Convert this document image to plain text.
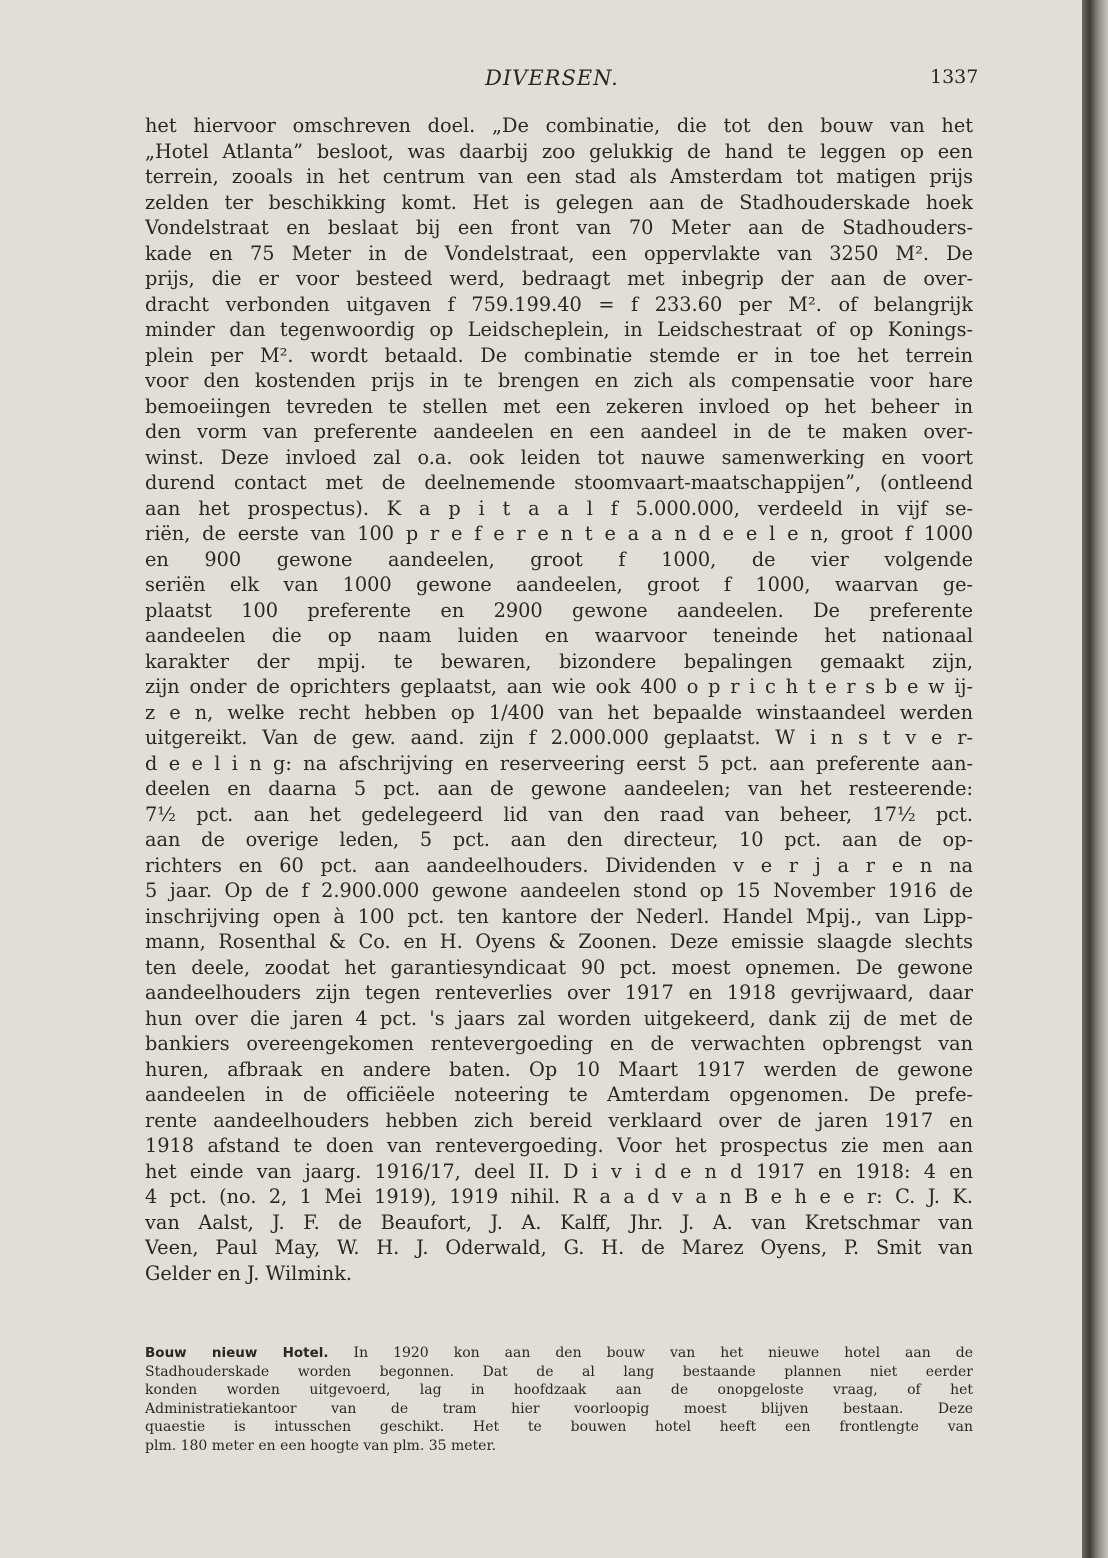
DIVERSEN.	1337
het hiervoor omschreven doel. „De combinatie, die tot den bouw van het
„Hotel Atlanta” besloot, was daarbij zoo gelukkig de hand te leggen op een
terrein, zooals in het centrum van een stad als Amsterdam tot matigen prijs
zelden ter beschikking komt. Het is gelegen aan de Stadhouderskade hoek
Vondelstraat en beslaat bij een front van 70 Meter aan de Stadhouders-
kade en 75 Meter in de Vondelstraat, een oppervlakte van 3250 M². De
prijs, die er voor besteed werd, bedraagt met inbegrip der aan de over-
dracht verbonden uitgaven f 759.199.40 = f 233.60 per M². of belangrijk
minder dan tegenwoordig op Leidscheplein, in Leidschestraat of op Konings-
plein per M². wordt betaald. De combinatie stemde er in toe het terrein
voor den kostenden prijs in te brengen en zich als compensatie voor hare
bemoeiingen tevreden te stellen met een zekeren invloed op het beheer in
den vorm van preferente aandeelen en een aandeel in de te maken over-
winst. Deze invloed zal o.a. ook leiden tot nauwe samenwerking en voort
durend contact met de deelnemende stoomvaart-maatschappijen”, (ontleend
aan het prospectus). K a p i t a a l f 5.000.000, verdeeld in vijf se-
riën, de eerste van 100 p r e f e r e n t e a a n d e e l e n, groot f 1000
en 900 gewone aandeelen, groot f 1000, de vier volgende
seriën elk van 1000 gewone aandeelen, groot f 1000, waarvan ge-
plaatst 100 preferente en 2900 gewone aandeelen. De preferente
aandeelen die op naam luiden en waarvoor teneinde het nationaal
karakter der mpij. te bewaren, bizondere bepalingen gemaakt zijn,
zijn onder de oprichters geplaatst, aan wie ook 400 o p r i c h t e r s b e w ij-
z e n, welke recht hebben op 1/400 van het bepaalde winstaandeel werden
uitgereikt. Van de gew. aand. zijn f 2.000.000 geplaatst. W i n s t v e r-
d e e l i n g: na afschrijving en reserveering eerst 5 pct. aan preferente aan-
deelen en daarna 5 pct. aan de gewone aandeelen; van het resteerende:
7½ pct. aan het gedelegeerd lid van den raad van beheer, 17½ pct.
aan de overige leden, 5 pct. aan den directeur, 10 pct. aan de op-
richters en 60 pct. aan aandeelhouders. Dividenden v e r j a r e n na
5 jaar. Op de f 2.900.000 gewone aandeelen stond op 15 November 1916 de
inschrijving open à 100 pct. ten kantore der Nederl. Handel Mpij., van Lipp-
mann, Rosenthal & Co. en H. Oyens & Zoonen. Deze emissie slaagde slechts
ten deele, zoodat het garantiesyndicaat 90 pct. moest opnemen. De gewone
aandeelhouders zijn tegen renteverlies over 1917 en 1918 gevrijwaard, daar
hun over die jaren 4 pct. 's jaars zal worden uitgekeerd, dank zij de met de
bankiers overeengekomen rentevergoeding en de verwachten opbrengst van
huren, afbraak en andere baten. Op 10 Maart 1917 werden de gewone
aandeelen in de officiëele noteering te Amterdam opgenomen. De prefe-
rente aandeelhouders hebben zich bereid verklaard over de jaren 1917 en
1918 afstand te doen van rentevergoeding. Voor het prospectus zie men aan
het einde van jaarg. 1916/17, deel II. D i v i d e n d 1917 en 1918: 4 en
4 pct. (no. 2, 1 Mei 1919), 1919 nihil. R a a d v a n B e h e e r: C. J. K.
van Aalst, J. F. de Beaufort, J. A. Kalff, Jhr. J. A. van Kretschmar van
Veen, Paul May, W. H. J. Oderwald, G. H. de Marez Oyens, P. Smit van
Gelder en J. Wilmink.
Bouw nieuw Hotel. In 1920 kon aan den bouw van het nieuwe hotel aan de
Stadhouderskade worden begonnen. Dat de al lang bestaande plannen niet eerder
konden worden uitgevoerd, lag in hoofdzaak aan de onopgeloste vraag, of het
Administratiekantoor van de tram hier voorloopig moest blijven bestaan. Deze
quaestie is intusschen geschikt. Het te bouwen hotel heeft een frontlengte van
plm. 180 meter en een hoogte van plm. 35 meter.
